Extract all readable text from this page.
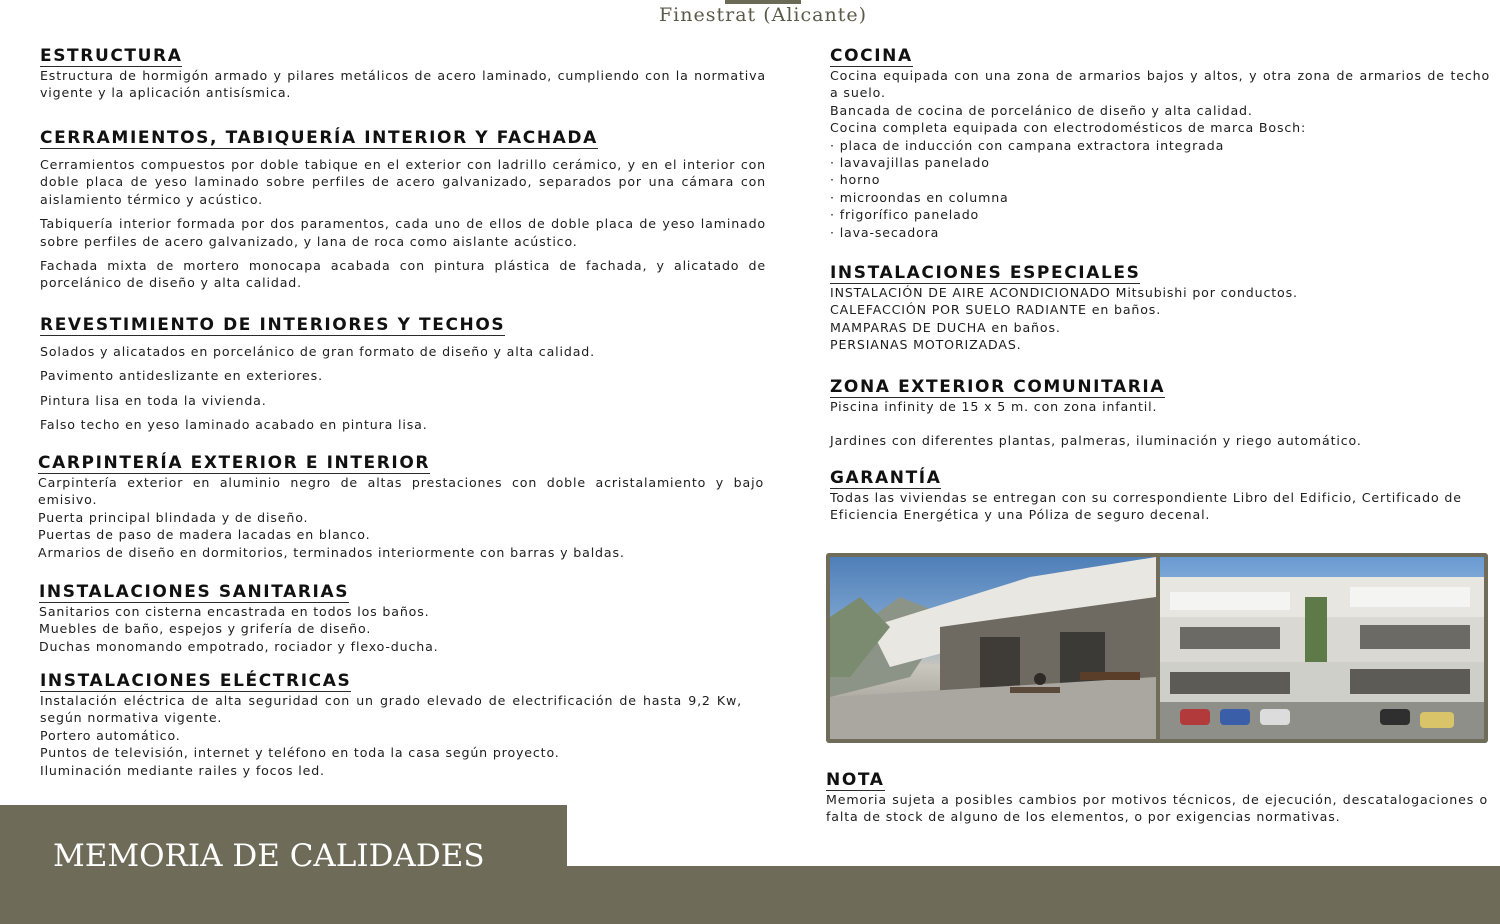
Finestrat (Alicante)
ESTRUCTURA

Estructura de hormigón armado y pilares metálicos de acero laminado, cumpliendo con la normativa vigente y la aplicación antisísmica.

CERRAMIENTOS, TABIQUERÍA INTERIOR Y FACHADA

Cerramientos compuestos por doble tabique en el exterior con ladrillo cerámico, y en el interior con doble placa de yeso laminado sobre perfiles de acero galvanizado, separados por una cámara con aislamiento térmico y acústico.

Tabiquería interior formada por dos paramentos, cada uno de ellos de doble placa de yeso laminado sobre perfiles de acero galvanizado, y lana de roca como aislante acústico.

Fachada mixta de mortero monocapa acabada con pintura plástica de fachada, y alicatado de porcelánico de diseño y alta calidad.

REVESTIMIENTO DE INTERIORES Y TECHOS

Solados y alicatados en porcelánico de gran formato de diseño y alta calidad.

Pavimento antideslizante en exteriores.

Pintura lisa en toda la vivienda.

Falso techo en yeso laminado acabado en pintura lisa.

CARPINTERÍA EXTERIOR E INTERIOR

Carpintería exterior en aluminio negro de altas prestaciones con doble acristalamiento y bajo emisivo.

Puerta principal blindada y de diseño.

Puertas de paso de madera lacadas en blanco.

Armarios de diseño en dormitorios, terminados interiormente con barras y baldas.

INSTALACIONES SANITARIAS

Sanitarios con cisterna encastrada en todos los baños.

Muebles de baño, espejos y grifería de diseño.

Duchas monomando empotrado, rociador y flexo-ducha.

INSTALACIONES ELÉCTRICAS

Instalación eléctrica de alta seguridad con un grado elevado de electrificación de hasta 9,2 Kw, según normativa vigente.

Portero automático.

Puntos de televisión, internet y teléfono en toda la casa según proyecto.

Iluminación mediante railes y focos led.

COCINA

Cocina equipada con una zona de armarios bajos y altos, y otra zona de armarios de techo a suelo.

Bancada de cocina de porcelánico de diseño y alta calidad.

Cocina completa equipada con electrodomésticos de marca Bosch:

· placa de inducción con campana extractora integrada
· lavavajillas panelado
· horno
· microondas en columna
· frigorífico panelado
· lava-secadora
INSTALACIONES ESPECIALES

INSTALACIÓN DE AIRE ACONDICIONADO Mitsubishi por conductos.

CALEFACCIÓN POR SUELO RADIANTE en baños.

MAMPARAS DE DUCHA en baños.

PERSIANAS MOTORIZADAS.

ZONA EXTERIOR COMUNITARIA

Piscina infinity de 15 x 5 m. con zona infantil.

Jardines con diferentes plantas, palmeras, iluminación y riego automático.

GARANTÍA

Todas las viviendas se entregan con su correspondiente Libro del Edificio, Certificado de Eficiencia Energética y una Póliza de seguro decenal.

NOTA

Memoria sujeta a posibles cambios por motivos técnicos, de ejecución, descatalogaciones o falta de stock de alguno de los elementos, o por exigencias normativas.

MEMORIA DE CALIDADES
